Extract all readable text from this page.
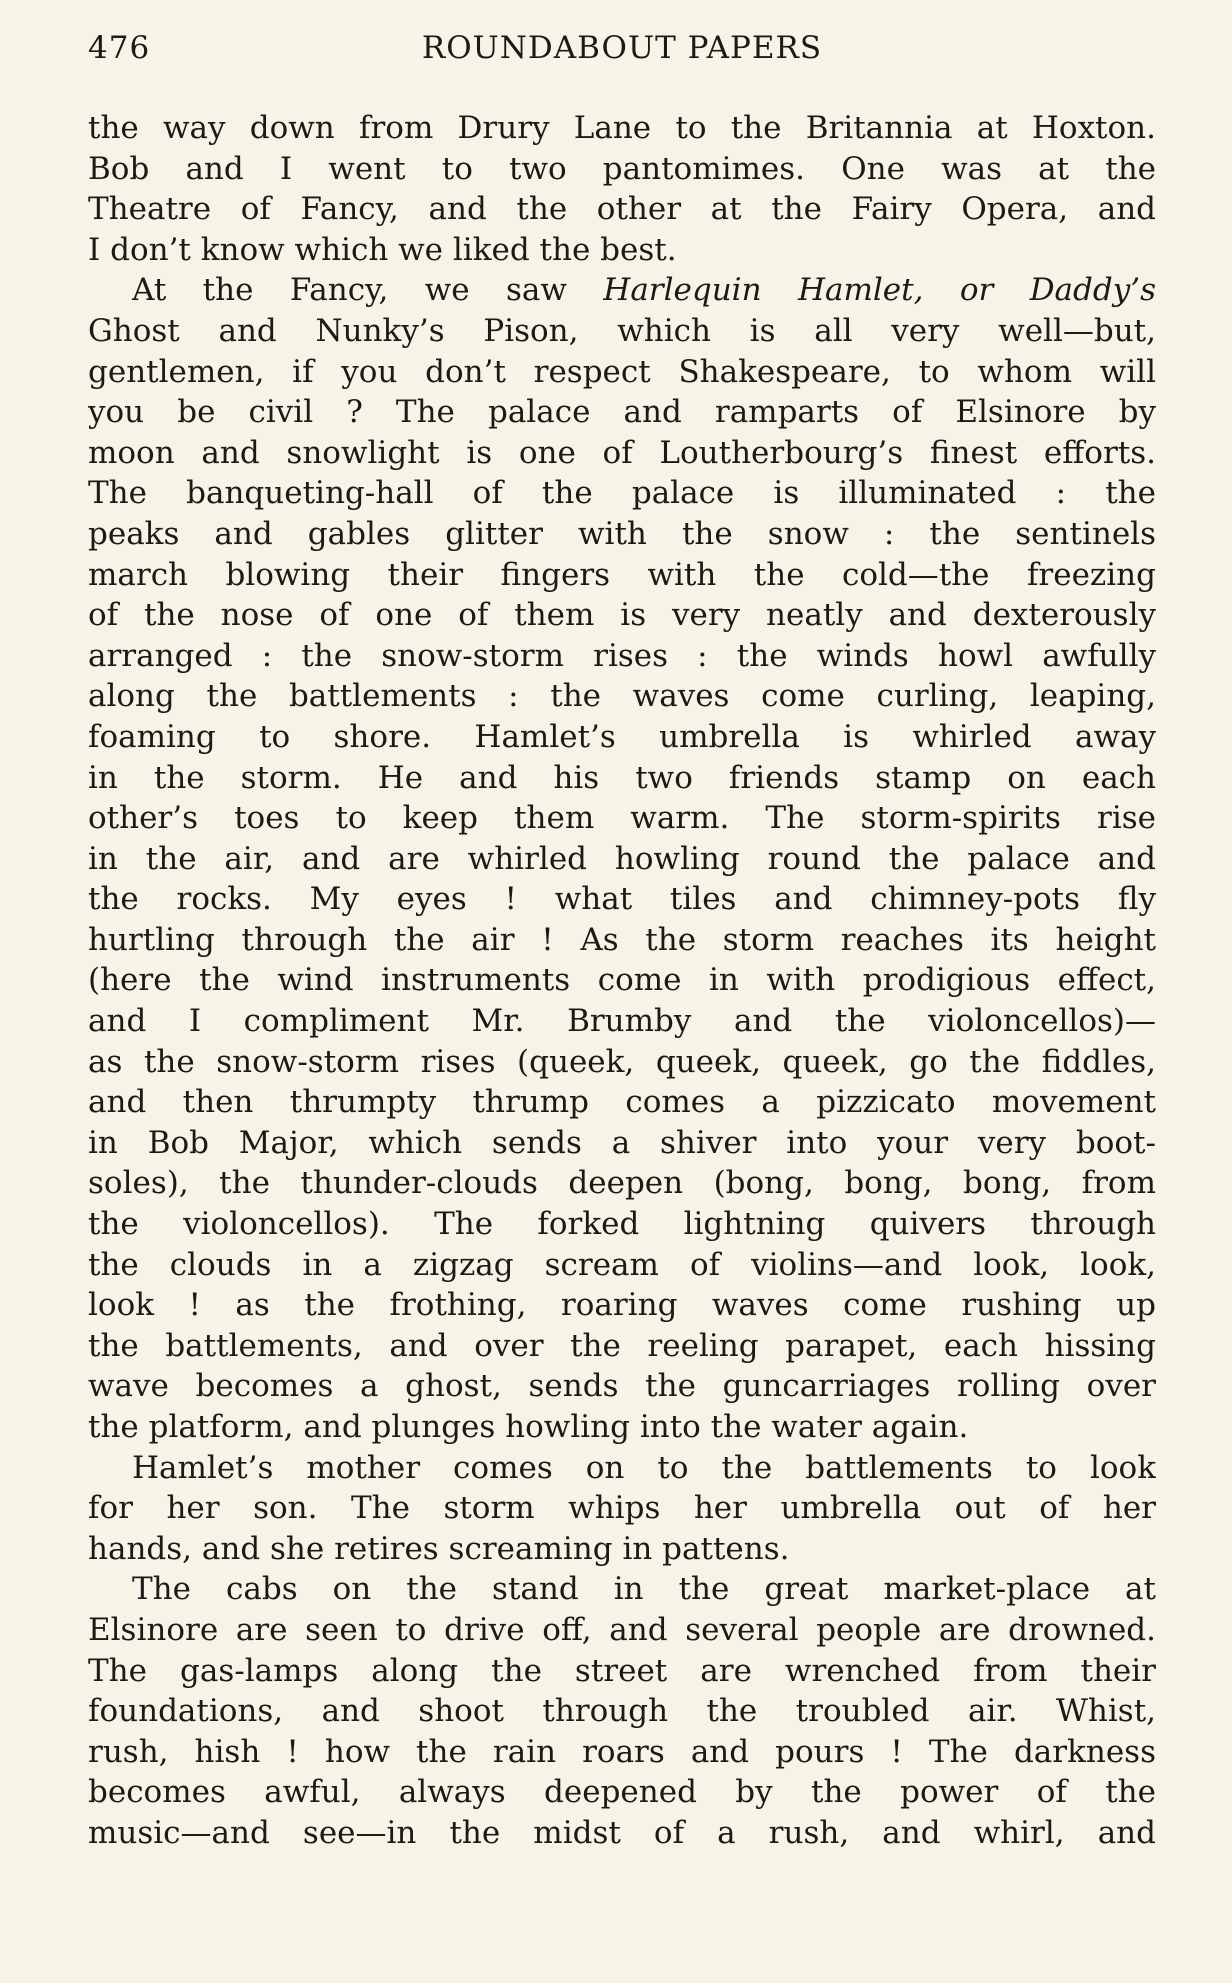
476	ROUNDABOUT PAPERS
the way down from Drury Lane to the Britannia at Hoxton.
Bob and I went to two pantomimes. One was at the
Theatre of Fancy, and the other at the Fairy Opera, and
I don’t know which we liked the best.
At the Fancy, we saw Harlequin Hamlet, or Daddy’s
Ghost and Nunky’s Pison, which is all very well—but,
gentlemen, if you don’t respect Shakespeare, to whom will
you be civil ? The palace and ramparts of Elsinore by
moon and snowlight is one of Loutherbourg’s finest efforts.
The banqueting-hall of the palace is illuminated : the
peaks and gables glitter with the snow : the sentinels
march blowing their fingers with the cold—the freezing
of the nose of one of them is very neatly and dexterously
arranged : the snow-storm rises : the winds howl awfully
along the battlements : the waves come curling, leaping,
foaming to shore. Hamlet’s umbrella is whirled away
in the storm. He and his two friends stamp on each
other’s toes to keep them warm. The storm-spirits rise
in the air, and are whirled howling round the palace and
the rocks. My eyes ! what tiles and chimney-pots fly
hurtling through the air ! As the storm reaches its height
(here the wind instruments come in with prodigious effect,
and I compliment Mr. Brumby and the violoncellos)—
as the snow-storm rises (queek, queek, queek, go the fiddles,
and then thrumpty thrump comes a pizzicato movement
in Bob Major, which sends a shiver into your very boot-
soles), the thunder-clouds deepen (bong, bong, bong, from
the violoncellos). The forked lightning quivers through
the clouds in a zigzag scream of violins—and look, look,
look ! as the frothing, roaring waves come rushing up
the battlements, and over the reeling parapet, each hissing
wave becomes a ghost, sends the guncarriages rolling over
the platform, and plunges howling into the water again.
Hamlet’s mother comes on to the battlements to look
for her son. The storm whips her umbrella out of her
hands, and she retires screaming in pattens.
The cabs on the stand in the great market-place at
Elsinore are seen to drive off, and several people are drowned.
The gas-lamps along the street are wrenched from their
foundations, and shoot through the troubled air. Whist,
rush, hish ! how the rain roars and pours ! The darkness
becomes awful, always deepened by the power of the
music—and see—in the midst of a rush, and whirl, and
